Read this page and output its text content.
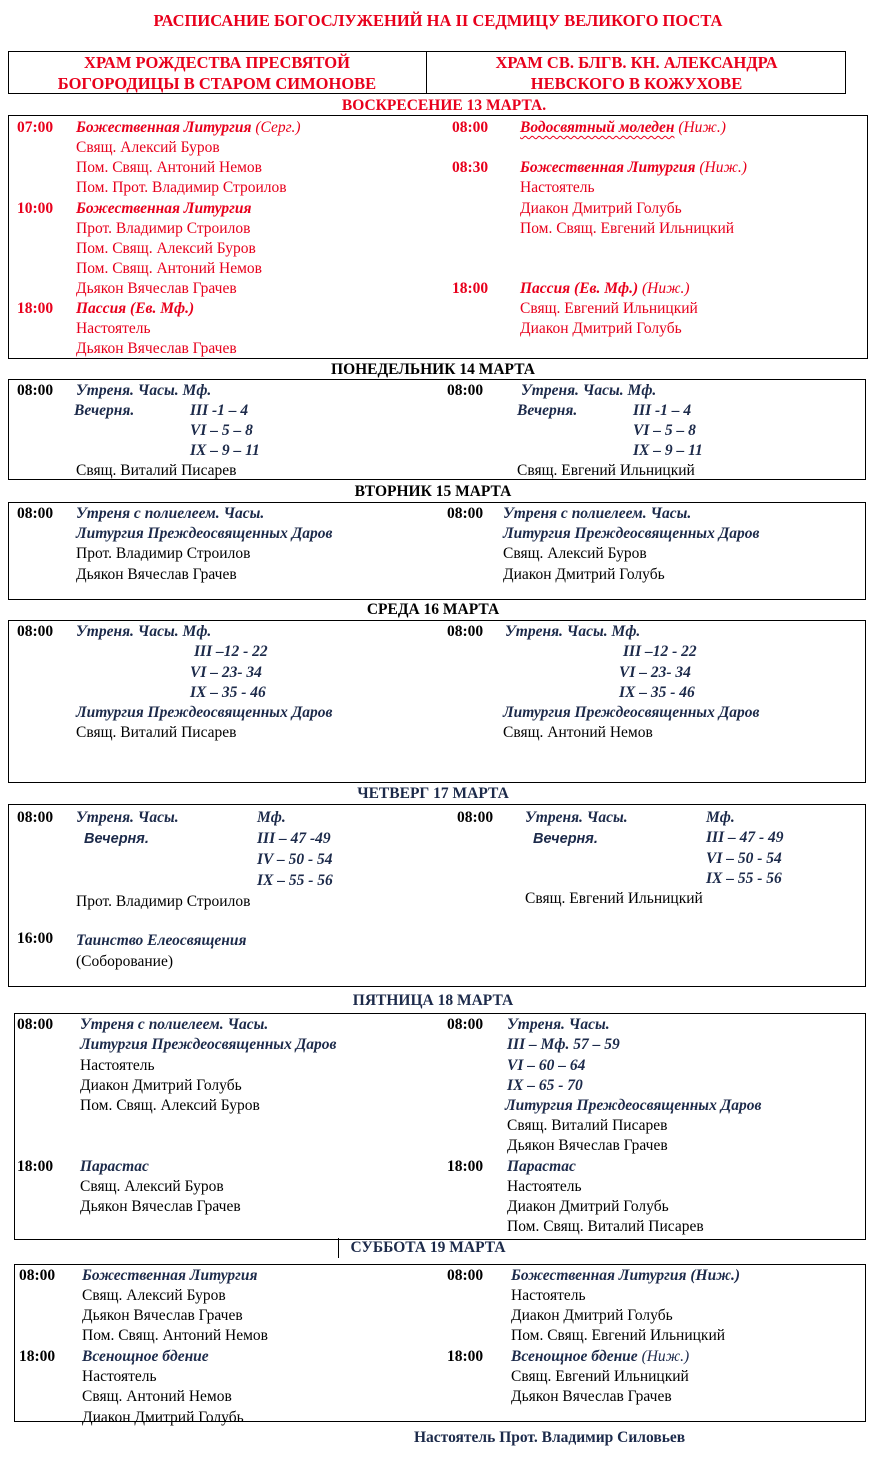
РАСПИСАНИЕ БОГОСЛУЖЕНИЙ НА II СЕДМИЦУ ВЕЛИКОГО ПОСТА
ХРАМ РОЖДЕСТВА ПРЕСВЯТОЙ
БОГОРОДИЦЫ В СТАРОМ СИМОНОВЕ
ХРАМ СВ. БЛГВ. КН. АЛЕКСАНДРА
НЕВСКОГО В КОЖУХОВЕ
ВОСКРЕСЕНИЕ 13 МАРТА.
07:00 Божественная Литургия (Серг.)
Свящ. Алексий Буров
Пом. Свящ. Антоний Немов
Пом. Прот. Владимир Строилов
10:00 Божественная Литургия
Прот. Владимир Строилов
Пом. Свящ. Алексий Буров
Пом. Свящ. Антоний Немов
Дьякон Вячеслав Грачев
18:00 Пассия (Ев. Мф.)
Настоятель
Дьякон Вячеслав Грачев
08:00 Водосвятный моледен (Ниж.)
08:30 Божественная Литургия (Ниж.)
Настоятель
Диакон Дмитрий Голубь
Пом. Свящ. Евгений Ильницкий
18:00 Пассия (Ев. Мф.) (Ниж.)
Свящ. Евгений Ильницкий
Диакон Дмитрий Голубь
ПОНЕДЕЛЬНИК 14 МАРТА
08:00 Утреня. Часы. Мф.
Вечерня.	III -1 – 4
VI – 5 – 8
IX – 9 – 11
Свящ. Виталий Писарев
08:00 Утреня. Часы. Мф.
Вечерня.	III -1 – 4
VI – 5 – 8
IX – 9 – 11
Свящ. Евгений Ильницкий
ВТОРНИК 15 МАРТА
08:00 Утреня с полиелеем. Часы.
Литургия Преждеосвященных Даров
Прот. Владимир Строилов
Дьякон Вячеслав Грачев
08:00 Утреня с полиелеем. Часы.
Литургия Преждеосвященных Даров
Свящ. Алексий Буров
Диакон Дмитрий Голубь
СРЕДА 16 МАРТА
08:00 Утреня. Часы. Мф.
III –12 - 22
VI – 23- 34
IX – 35 - 46
Литургия Преждеосвященных Даров
Свящ. Виталий Писарев
08:00 Утреня. Часы. Мф.
III –12 - 22
VI – 23- 34
IX – 35 - 46
Литургия Преждеосвященных Даров
Свящ. Антоний Немов
ЧЕТВЕРГ 17 МАРТА
08:00 Утреня. Часы.	Мф.
Вечерня.	III – 47 -49
IV – 50 - 54
IX – 55 - 56
Прот. Владимир Строилов
16:00 Таинство Елеосвящения
(Соборование)
08:00 Утреня. Часы.	Мф.
Вечерня.	III – 47 - 49
VI – 50 - 54
IX – 55 - 56
Свящ. Евгений Ильницкий
ПЯТНИЦА 18 МАРТА
08:00 Утреня с полиелеем. Часы.
Литургия Преждеосвященных Даров
Настоятель
Диакон Дмитрий Голубь
Пом. Свящ. Алексий Буров
18:00 Парастас
Свящ. Алексий Буров
Дьякон Вячеслав Грачев
08:00 Утреня. Часы.
III – Мф. 57 – 59
VI – 60 – 64
IX – 65 - 70
Литургия Преждеосвященных Даров
Свящ. Виталий Писарев
Дьякон Вячеслав Грачев
18:00 Парастас
Настоятель
Диакон Дмитрий Голубь
Пом. Свящ. Виталий Писарев
СУББОТА 19 МАРТА
08:00 Божественная Литургия
Свящ. Алексий Буров
Дьякон Вячеслав Грачев
Пом. Свящ. Антоний Немов
18:00 Всенощное бдение
Настоятель
Свящ. Антоний Немов
Диакон Дмитрий Голубь
08:00 Божественная Литургия (Ниж.)
Настоятель
Диакон Дмитрий Голубь
Пом. Свящ. Евгений Ильницкий
18:00 Всенощное бдение (Ниж.)
Свящ. Евгений Ильницкий
Дьякон Вячеслав Грачев
Настоятель Прот. Владимир Силовьев
